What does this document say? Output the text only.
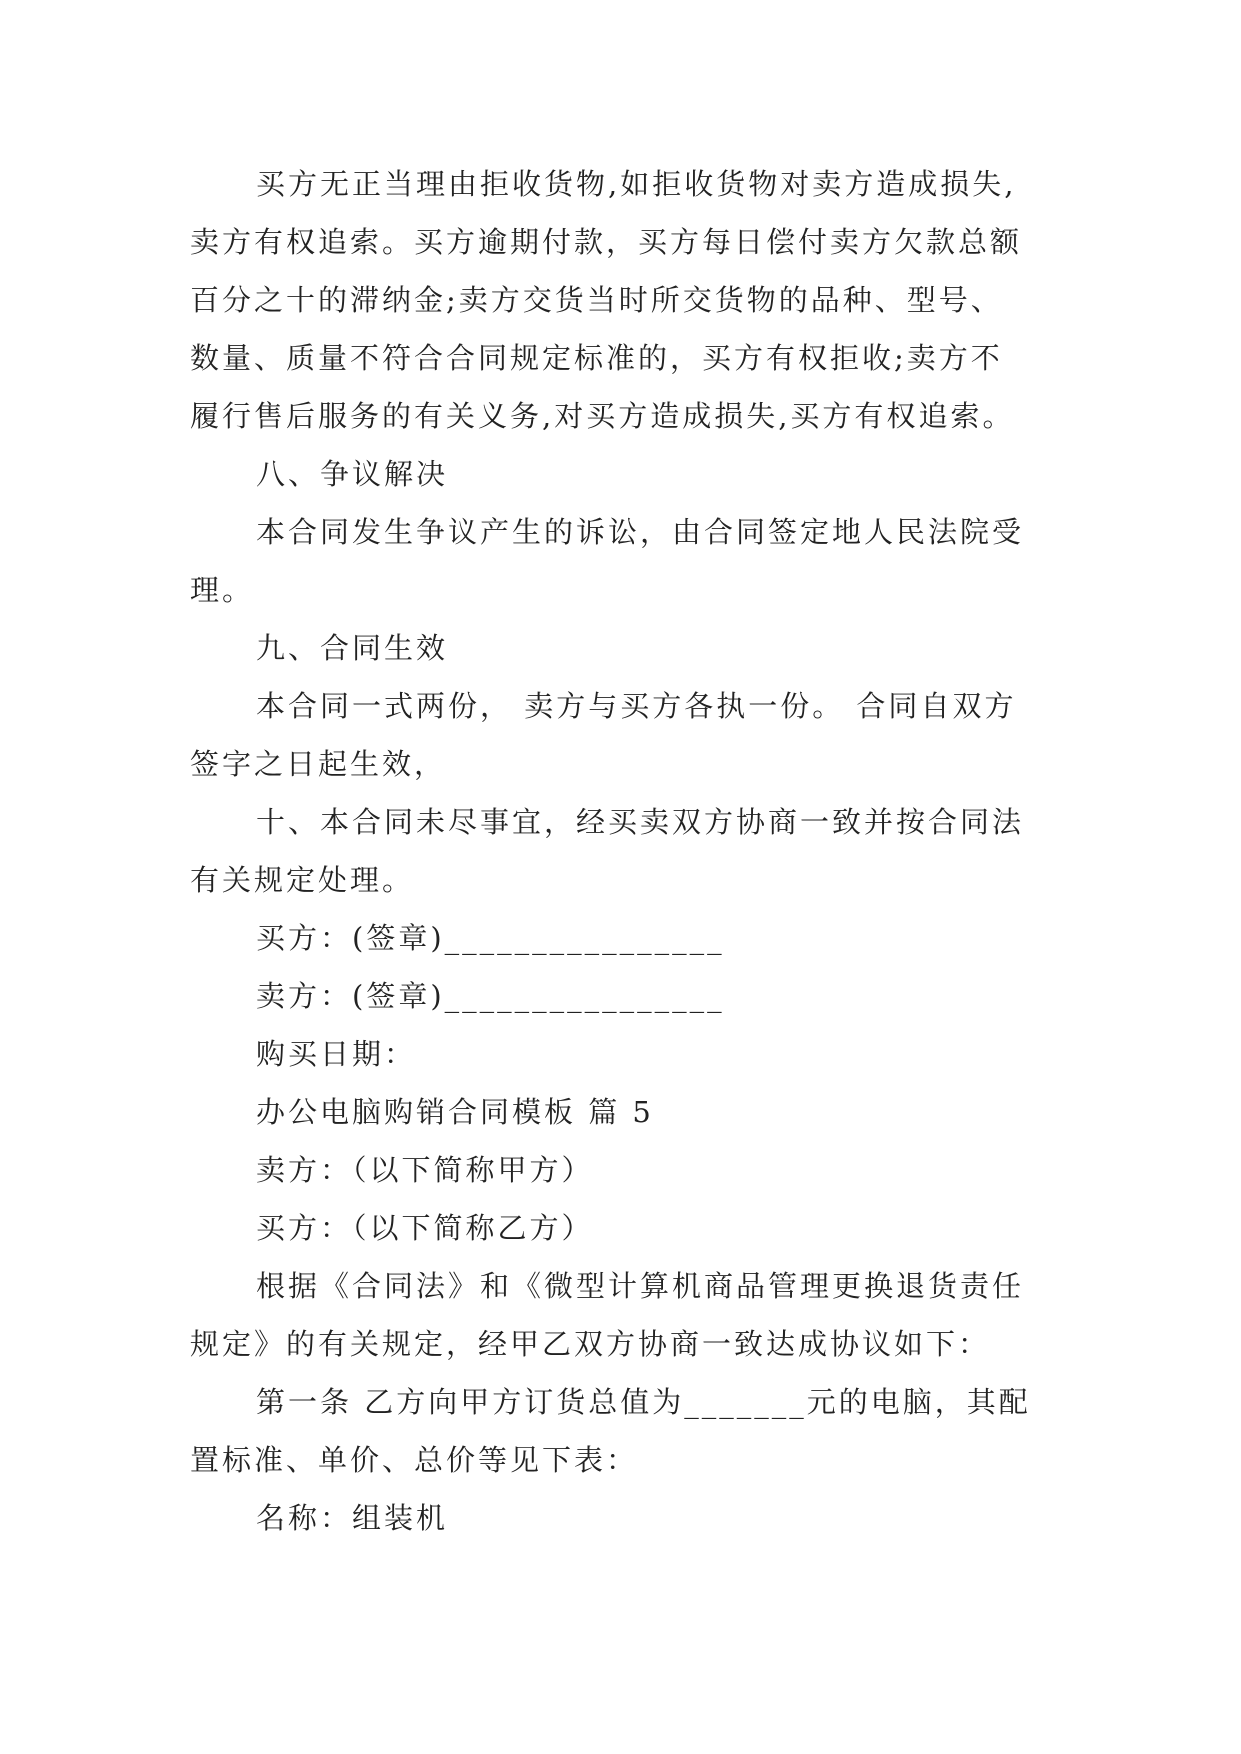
买方无正当理由拒收货物,如拒收货物对卖方造成损失,
卖方有权追索。买方逾期付款，买方每日偿付卖方欠款总额
百分之十的滞纳金;卖方交货当时所交货物的品种、型号、
数量、质量不符合合同规定标准的，买方有权拒收;卖方不
履行售后服务的有关义务,对买方造成损失,买方有权追索。
八、争议解决
本合同发生争议产生的诉讼，由合同签定地人民法院受
理。
九、合同生效
本合同一式两份， 卖方与买方各执一份。 合同自双方
签字之日起生效，
十、本合同未尽事宜，经买卖双方协商一致并按合同法
有关规定处理。
买方：(签章)________________
卖方：(签章)________________
购买日期：
办公电脑购销合同模板 篇 5
卖方：（以下简称甲方）
买方：（以下简称乙方）
根据《合同法》和《微型计算机商品管理更换退货责任
规定》的有关规定，经甲乙双方协商一致达成协议如下：
第一条 乙方向甲方订货总值为_______元的电脑，其配
置标准、单价、总价等见下表：
名称：组装机
